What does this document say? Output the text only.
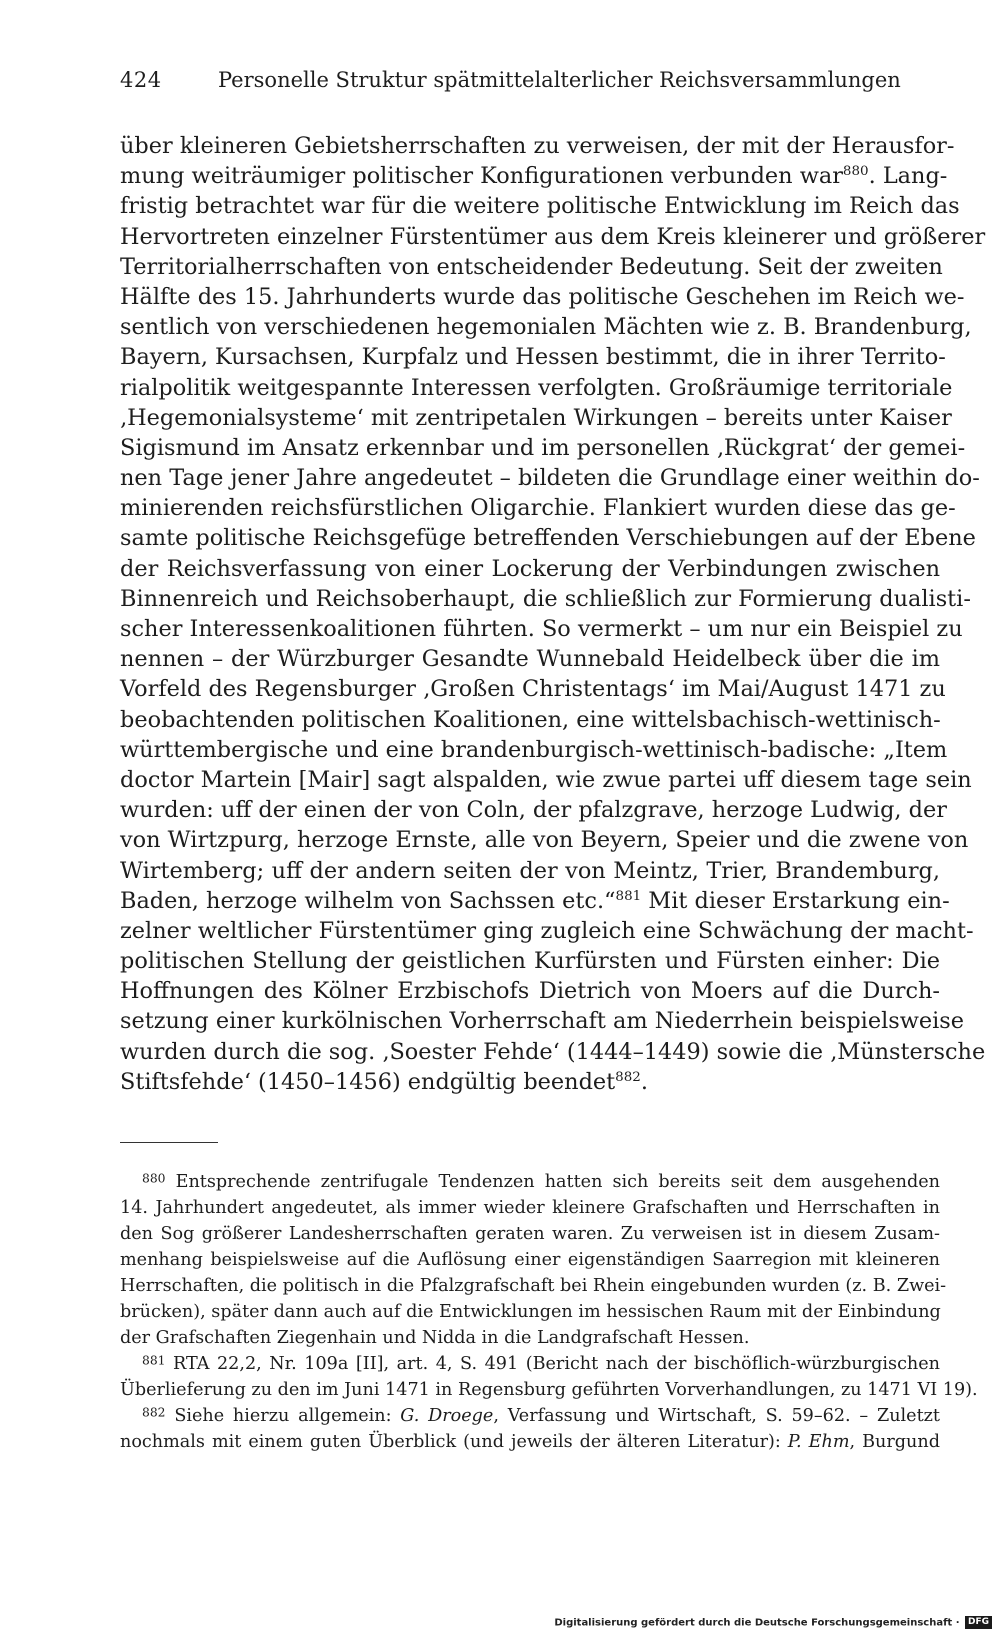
424	Personelle Struktur spätmittelalterlicher Reichsversammlungen
über kleineren Gebietsherrschaften zu verweisen, der mit der Herausfor-
mung weiträumiger politischer Konfigurationen verbunden war$^{880}$. Lang-
fristig betrachtet war für die weitere politische Entwicklung im Reich das
Hervortreten einzelner Fürstentümer aus dem Kreis kleinerer und größerer
Territorialherrschaften von entscheidender Bedeutung. Seit der zweiten
Hälfte des 15. Jahrhunderts wurde das politische Geschehen im Reich we-
sentlich von verschiedenen hegemonialen Mächten wie z. B. Brandenburg,
Bayern, Kursachsen, Kurpfalz und Hessen bestimmt, die in ihrer Territo-
rialpolitik weitgespannte Interessen verfolgten. Großräumige territoriale
‚Hegemonialsysteme‘ mit zentripetalen Wirkungen – bereits unter Kaiser
Sigismund im Ansatz erkennbar und im personellen ‚Rückgrat‘ der gemei-
nen Tage jener Jahre angedeutet – bildeten die Grundlage einer weithin do-
minierenden reichsfürstlichen Oligarchie. Flankiert wurden diese das ge-
samte politische Reichsgefüge betreffenden Verschiebungen auf der Ebene
der Reichsverfassung von einer Lockerung der Verbindungen zwischen
Binnenreich und Reichsoberhaupt, die schließlich zur Formierung dualisti-
scher Interessenkoalitionen führten. So vermerkt – um nur ein Beispiel zu
nennen – der Würzburger Gesandte Wunnebald Heidelbeck über die im
Vorfeld des Regensburger ‚Großen Christentags‘ im Mai/August 1471 zu
beobachtenden politischen Koalitionen, eine wittelsbachisch-wettinisch-
württembergische und eine brandenburgisch-wettinisch-badische: „Item
doctor Martein [Mair] sagt alspalden, wie zwue partei uff diesem tage sein
wurden: uff der einen der von Coln, der pfalzgrave, herzoge Ludwig, der
von Wirtzpurg, herzoge Ernste, alle von Beyern, Speier und die zwene von
Wirtemberg; uff der andern seiten der von Meintz, Trier, Brandemburg,
Baden, herzoge wilhelm von Sachssen etc.“$^{881}$ Mit dieser Erstarkung ein-
zelner weltlicher Fürstentümer ging zugleich eine Schwächung der macht-
politischen Stellung der geistlichen Kurfürsten und Fürsten einher: Die
Hoffnungen des Kölner Erzbischofs Dietrich von Moers auf die Durch-
setzung einer kurkölnischen Vorherrschaft am Niederrhein beispielsweise
wurden durch die sog. ‚Soester Fehde‘ (1444–1449) sowie die ‚Münstersche
Stiftsfehde‘ (1450–1456) endgültig beendet$^{882}$.
$^{880}$ Entsprechende zentrifugale Tendenzen hatten sich bereits seit dem ausgehenden
14. Jahrhundert angedeutet, als immer wieder kleinere Grafschaften und Herrschaften in
den Sog größerer Landesherrschaften geraten waren. Zu verweisen ist in diesem Zusam-
menhang beispielsweise auf die Auflösung einer eigenständigen Saarregion mit kleineren
Herrschaften, die politisch in die Pfalzgrafschaft bei Rhein eingebunden wurden (z. B. Zwei-
brücken), später dann auch auf die Entwicklungen im hessischen Raum mit der Einbindung
der Grafschaften Ziegenhain und Nidda in die Landgrafschaft Hessen.
$^{881}$ RTA 22,2, Nr. 109a [II], art. 4, S. 491 (Bericht nach der bischöflich-würzburgischen
Überlieferung zu den im Juni 1471 in Regensburg geführten Vorverhandlungen, zu 1471 VI 19).
$^{882}$ Siehe hierzu allgemein: G. Droege, Verfassung und Wirtschaft, S. 59–62. – Zuletzt
nochmals mit einem guten Überblick (und jeweils der älteren Literatur): P. Ehm, Burgund
Digitalisierung gefördert durch die Deutsche Forschungsgemeinschaft · DFG
